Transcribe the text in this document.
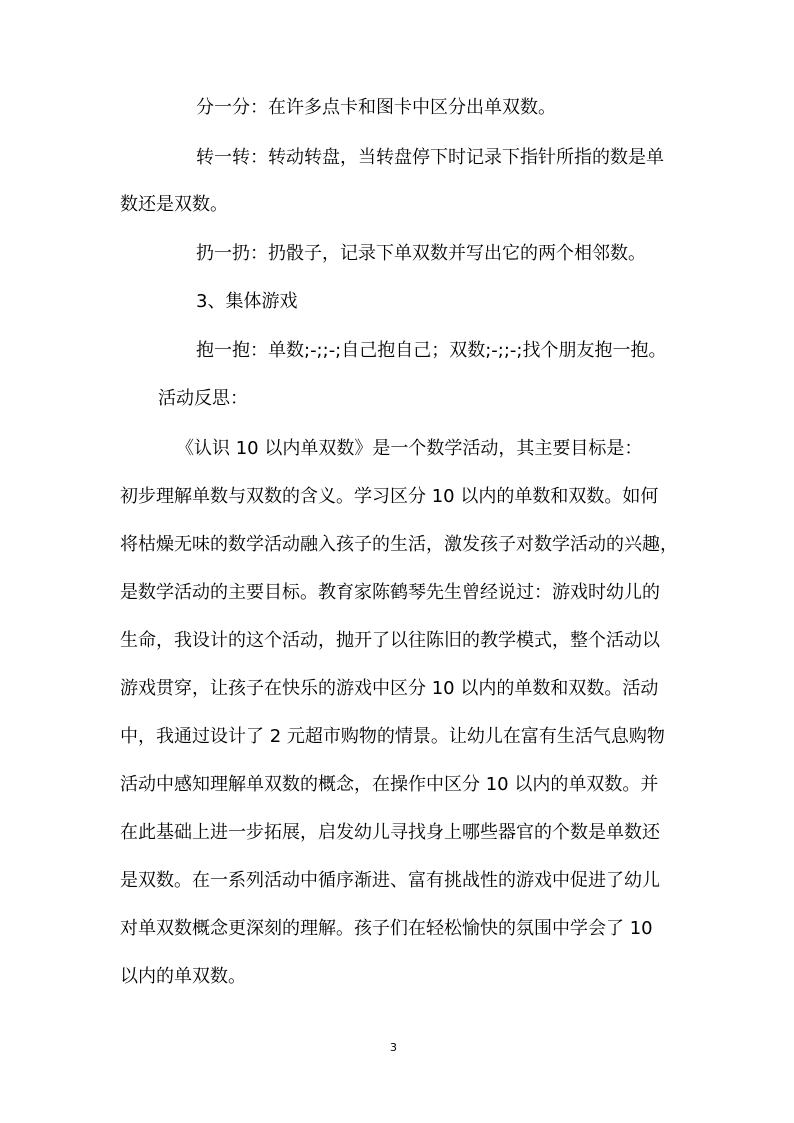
分一分：在许多点卡和图卡中区分出单双数。
转一转：转动转盘，当转盘停下时记录下指针所指的数是单
数还是双数。
扔一扔：扔骰子，记录下单双数并写出它的两个相邻数。
3、集体游戏
抱一抱：单数;-;;-;自己抱自己；双数;-;;-;找个朋友抱一抱。
活动反思：
《认识 10 以内单双数》是一个数学活动，其主要目标是：
初步理解单数与双数的含义。学习区分 10 以内的单数和双数。如何
将枯燥无味的数学活动融入孩子的生活，激发孩子对数学活动的兴趣，
是数学活动的主要目标。教育家陈鹤琴先生曾经说过：游戏时幼儿的
生命，我设计的这个活动，抛开了以往陈旧的教学模式，整个活动以
游戏贯穿，让孩子在快乐的游戏中区分 10 以内的单数和双数。活动
中，我通过设计了 2 元超市购物的情景。让幼儿在富有生活气息购物
活动中感知理解单双数的概念，在操作中区分 10 以内的单双数。并
在此基础上进一步拓展，启发幼儿寻找身上哪些器官的个数是单数还
是双数。在一系列活动中循序渐进、富有挑战性的游戏中促进了幼儿
对单双数概念更深刻的理解。孩子们在轻松愉快的氛围中学会了 10
以内的单双数。
3
